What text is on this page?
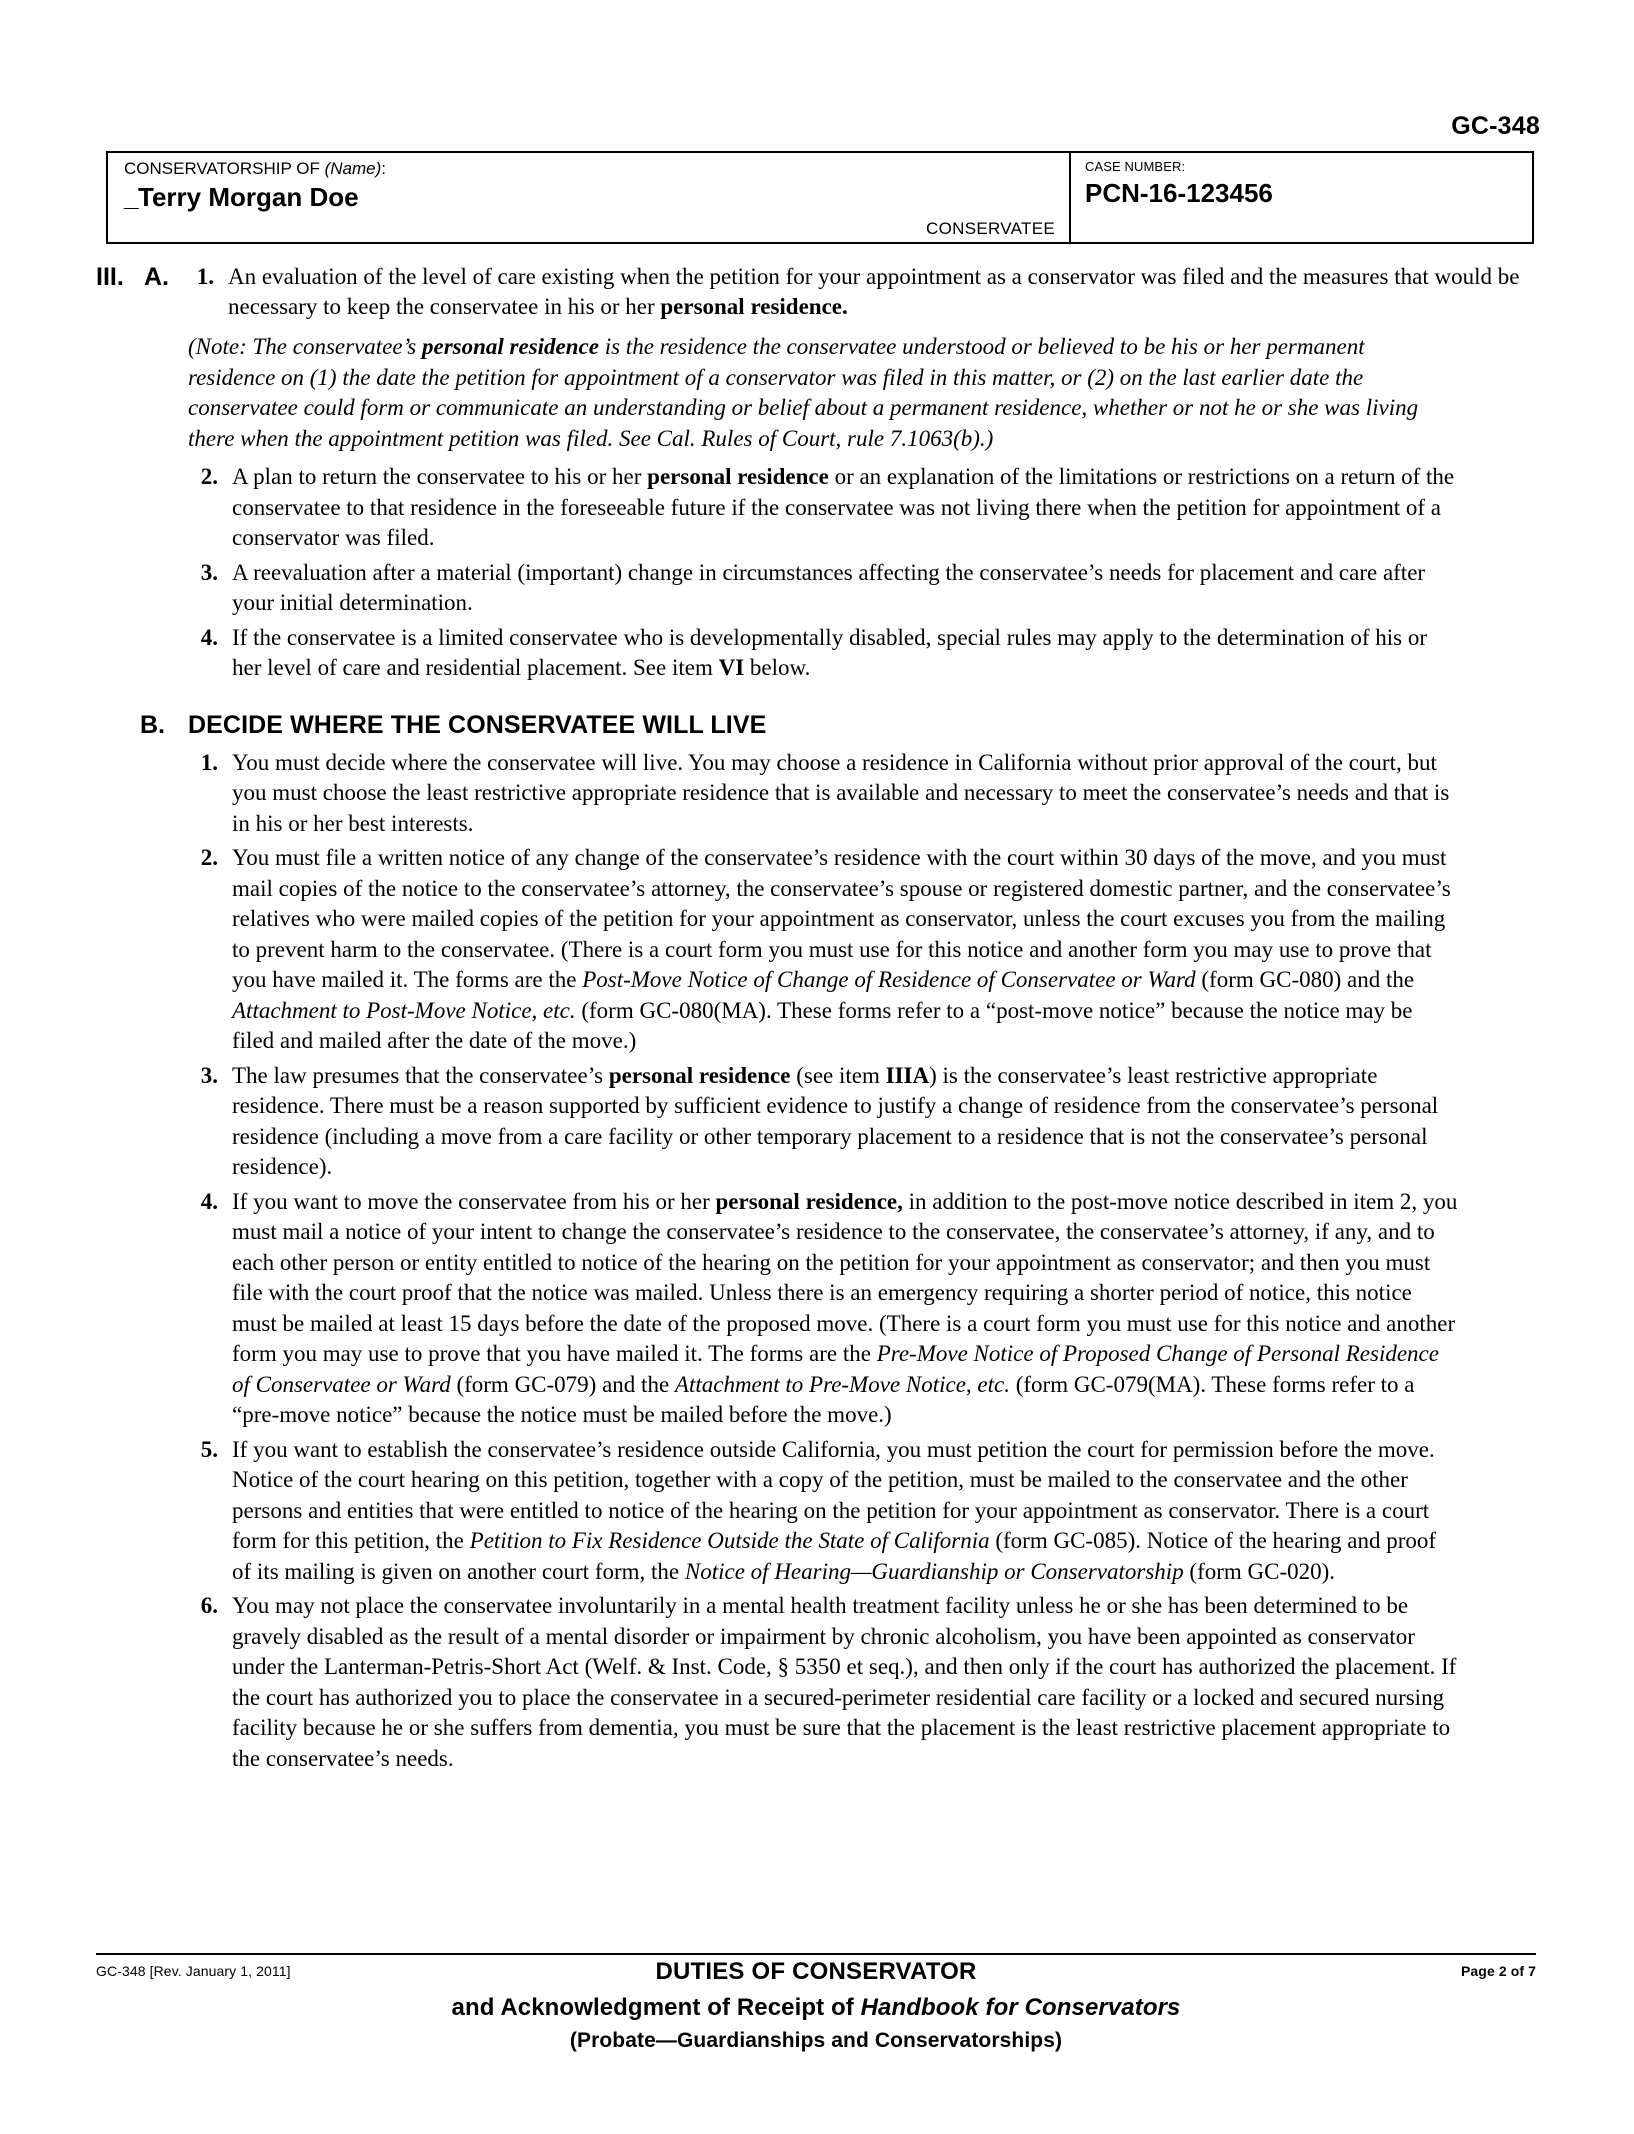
GC-348
CONSERVATORSHIP OF (Name):
_Terry Morgan Doe
CONSERVATEE
CASE NUMBER:
PCN-16-123456
III. A.	1. An evaluation of the level of care existing when the petition for your appointment as a conservator was filed and the measures that would be necessary to keep the conservatee in his or her personal residence.
(Note: The conservatee’s personal residence is the residence the conservatee understood or believed to be his or her permanent residence on (1) the date the petition for appointment of a conservator was filed in this matter, or (2) on the last earlier date the conservatee could form or communicate an understanding or belief about a permanent residence, whether or not he or she was living there when the appointment petition was filed. See Cal. Rules of Court, rule 7.1063(b).)
2. A plan to return the conservatee to his or her personal residence or an explanation of the limitations or restrictions on a return of the conservatee to that residence in the foreseeable future if the conservatee was not living there when the petition for appointment of a conservator was filed.
3. A reevaluation after a material (important) change in circumstances affecting the conservatee’s needs for placement and care after your initial determination.
4. If the conservatee is a limited conservatee who is developmentally disabled, special rules may apply to the determination of his or her level of care and residential placement. See item VI below.
B. DECIDE WHERE THE CONSERVATEE WILL LIVE
1. You must decide where the conservatee will live. You may choose a residence in California without prior approval of the court, but you must choose the least restrictive appropriate residence that is available and necessary to meet the conservatee’s needs and that is in his or her best interests.
2. You must file a written notice of any change of the conservatee’s residence with the court within 30 days of the move, and you must mail copies of the notice to the conservatee’s attorney, the conservatee’s spouse or registered domestic partner, and the conservatee’s relatives who were mailed copies of the petition for your appointment as conservator, unless the court excuses you from the mailing to prevent harm to the conservatee. (There is a court form you must use for this notice and another form you may use to prove that you have mailed it. The forms are the Post-Move Notice of Change of Residence of Conservatee or Ward (form GC-080) and the Attachment to Post-Move Notice, etc. (form GC-080(MA). These forms refer to a “post-move notice” because the notice may be filed and mailed after the date of the move.)
3. The law presumes that the conservatee’s personal residence (see item IIIA) is the conservatee’s least restrictive appropriate residence. There must be a reason supported by sufficient evidence to justify a change of residence from the conservatee’s personal residence (including a move from a care facility or other temporary placement to a residence that is not the conservatee’s personal residence).
4. If you want to move the conservatee from his or her personal residence, in addition to the post-move notice described in item 2, you must mail a notice of your intent to change the conservatee’s residence to the conservatee, the conservatee’s attorney, if any, and to each other person or entity entitled to notice of the hearing on the petition for your appointment as conservator; and then you must file with the court proof that the notice was mailed. Unless there is an emergency requiring a shorter period of notice, this notice must be mailed at least 15 days before the date of the proposed move. (There is a court form you must use for this notice and another form you may use to prove that you have mailed it. The forms are the Pre-Move Notice of Proposed Change of Personal Residence of Conservatee or Ward (form GC-079) and the Attachment to Pre-Move Notice, etc. (form GC-079(MA). These forms refer to a “pre-move notice” because the notice must be mailed before the move.)
5. If you want to establish the conservatee’s residence outside California, you must petition the court for permission before the move. Notice of the court hearing on this petition, together with a copy of the petition, must be mailed to the conservatee and the other persons and entities that were entitled to notice of the hearing on the petition for your appointment as conservator. There is a court form for this petition, the Petition to Fix Residence Outside the State of California (form GC-085). Notice of the hearing and proof of its mailing is given on another court form, the Notice of Hearing—Guardianship or Conservatorship (form GC-020).
6. You may not place the conservatee involuntarily in a mental health treatment facility unless he or she has been determined to be gravely disabled as the result of a mental disorder or impairment by chronic alcoholism, you have been appointed as conservator under the Lanterman-Petris-Short Act (Welf. & Inst. Code, § 5350 et seq.), and then only if the court has authorized the placement. If the court has authorized you to place the conservatee in a secured-perimeter residential care facility or a locked and secured nursing facility because he or she suffers from dementia, you must be sure that the placement is the least restrictive placement appropriate to the conservatee’s needs.
GC-348 [Rev. January 1, 2011]	DUTIES OF CONSERVATOR	Page 2 of 7
and Acknowledgment of Receipt of Handbook for Conservators
(Probate—Guardianships and Conservatorships)
